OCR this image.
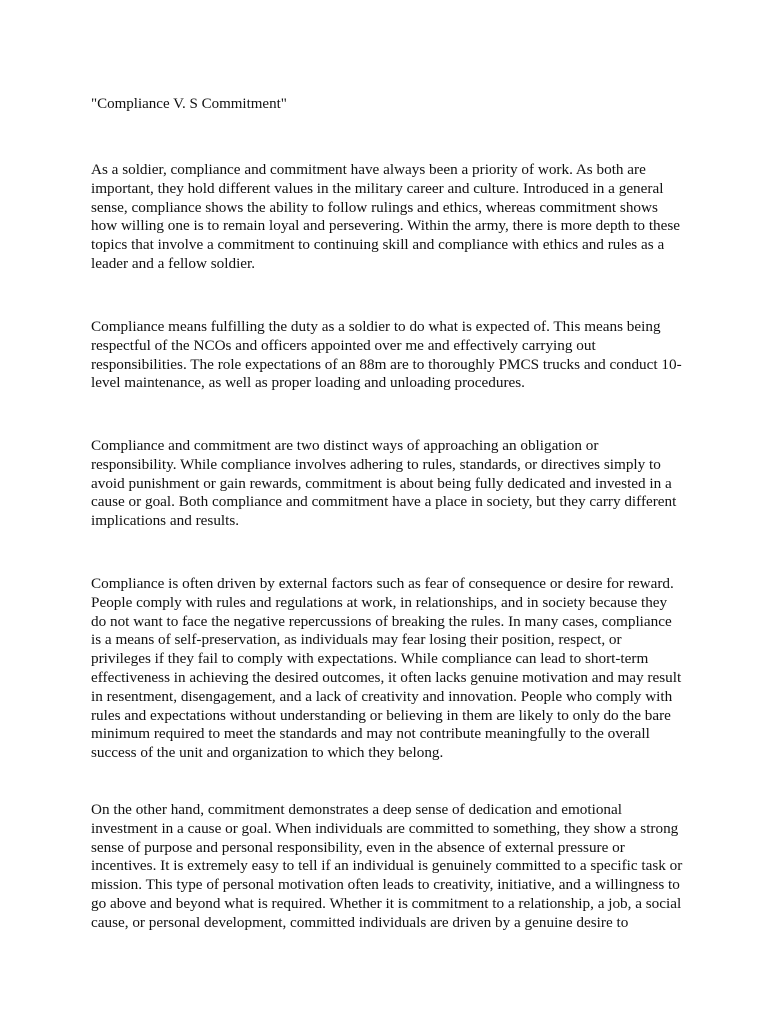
"Compliance V. S Commitment"

As a soldier, compliance and commitment have always been a priority of work. As both are
important, they hold different values in the military career and culture. Introduced in a general
sense, compliance shows the ability to follow rulings and ethics, whereas commitment shows
how willing one is to remain loyal and persevering. Within the army, there is more depth to these
topics that involve a commitment to continuing skill and compliance with ethics and rules as a
leader and a fellow soldier.
Compliance means fulfilling the duty as a soldier to do what is expected of. This means being
respectful of the NCOs and officers appointed over me and effectively carrying out
responsibilities. The role expectations of an 88m are to thoroughly PMCS trucks and conduct 10-
level maintenance, as well as proper loading and unloading procedures.
Compliance and commitment are two distinct ways of approaching an obligation or
responsibility. While compliance involves adhering to rules, standards, or directives simply to
avoid punishment or gain rewards, commitment is about being fully dedicated and invested in a
cause or goal. Both compliance and commitment have a place in society, but they carry different
implications and results.
Compliance is often driven by external factors such as fear of consequence or desire for reward.
People comply with rules and regulations at work, in relationships, and in society because they
do not want to face the negative repercussions of breaking the rules. In many cases, compliance
is a means of self-preservation, as individuals may fear losing their position, respect, or
privileges if they fail to comply with expectations. While compliance can lead to short-term
effectiveness in achieving the desired outcomes, it often lacks genuine motivation and may result
in resentment, disengagement, and a lack of creativity and innovation. People who comply with
rules and expectations without understanding or believing in them are likely to only do the bare
minimum required to meet the standards and may not contribute meaningfully to the overall
success of the unit and organization to which they belong.
On the other hand, commitment demonstrates a deep sense of dedication and emotional
investment in a cause or goal. When individuals are committed to something, they show a strong
sense of purpose and personal responsibility, even in the absence of external pressure or
incentives. It is extremely easy to tell if an individual is genuinely committed to a specific task or
mission. This type of personal motivation often leads to creativity, initiative, and a willingness to
go above and beyond what is required. Whether it is commitment to a relationship, a job, a social
cause, or personal development, committed individuals are driven by a genuine desire to
